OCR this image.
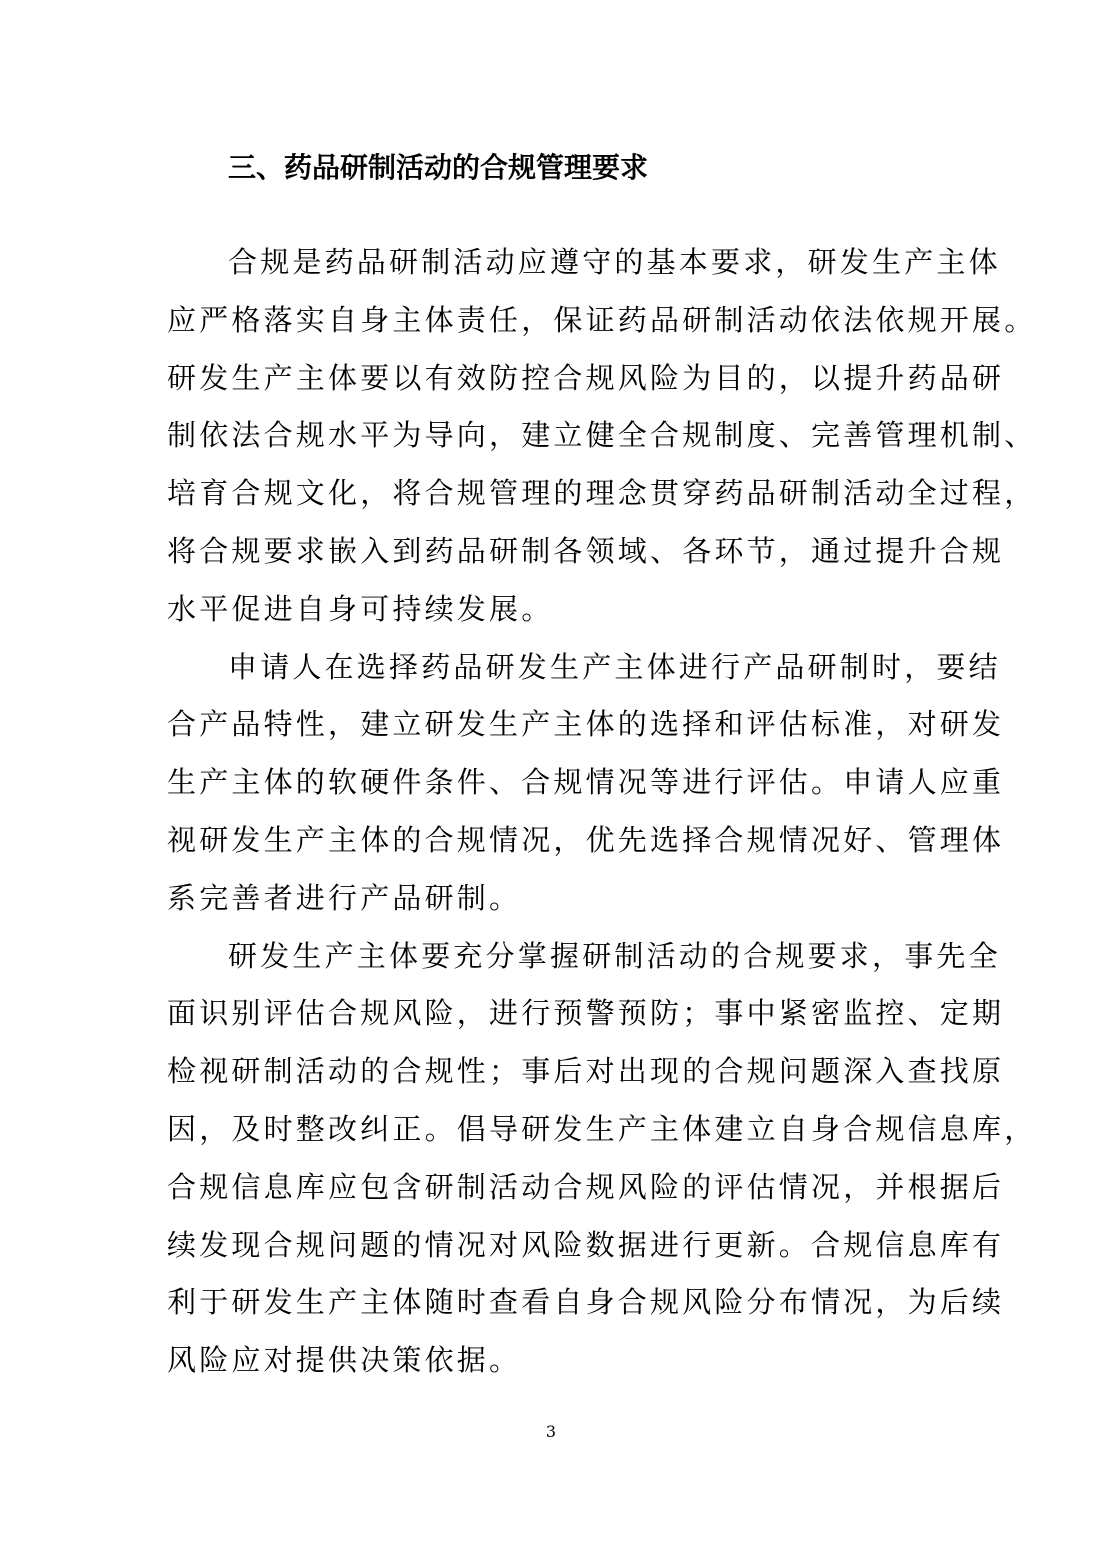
三、药品研制活动的合规管理要求
合规是药品研制活动应遵守的基本要求，研发生产主体
应严格落实自身主体责任，保证药品研制活动依法依规开展。
研发生产主体要以有效防控合规风险为目的，以提升药品研
制依法合规水平为导向，建立健全合规制度、完善管理机制、
培育合规文化，将合规管理的理念贯穿药品研制活动全过程，
将合规要求嵌入到药品研制各领域、各环节，通过提升合规
水平促进自身可持续发展。
申请人在选择药品研发生产主体进行产品研制时，要结
合产品特性，建立研发生产主体的选择和评估标准，对研发
生产主体的软硬件条件、合规情况等进行评估。申请人应重
视研发生产主体的合规情况，优先选择合规情况好、管理体
系完善者进行产品研制。
研发生产主体要充分掌握研制活动的合规要求，事先全
面识别评估合规风险，进行预警预防；事中紧密监控、定期
检视研制活动的合规性；事后对出现的合规问题深入查找原
因，及时整改纠正。倡导研发生产主体建立自身合规信息库，
合规信息库应包含研制活动合规风险的评估情况，并根据后
续发现合规问题的情况对风险数据进行更新。合规信息库有
利于研发生产主体随时查看自身合规风险分布情况，为后续
风险应对提供决策依据。
3
